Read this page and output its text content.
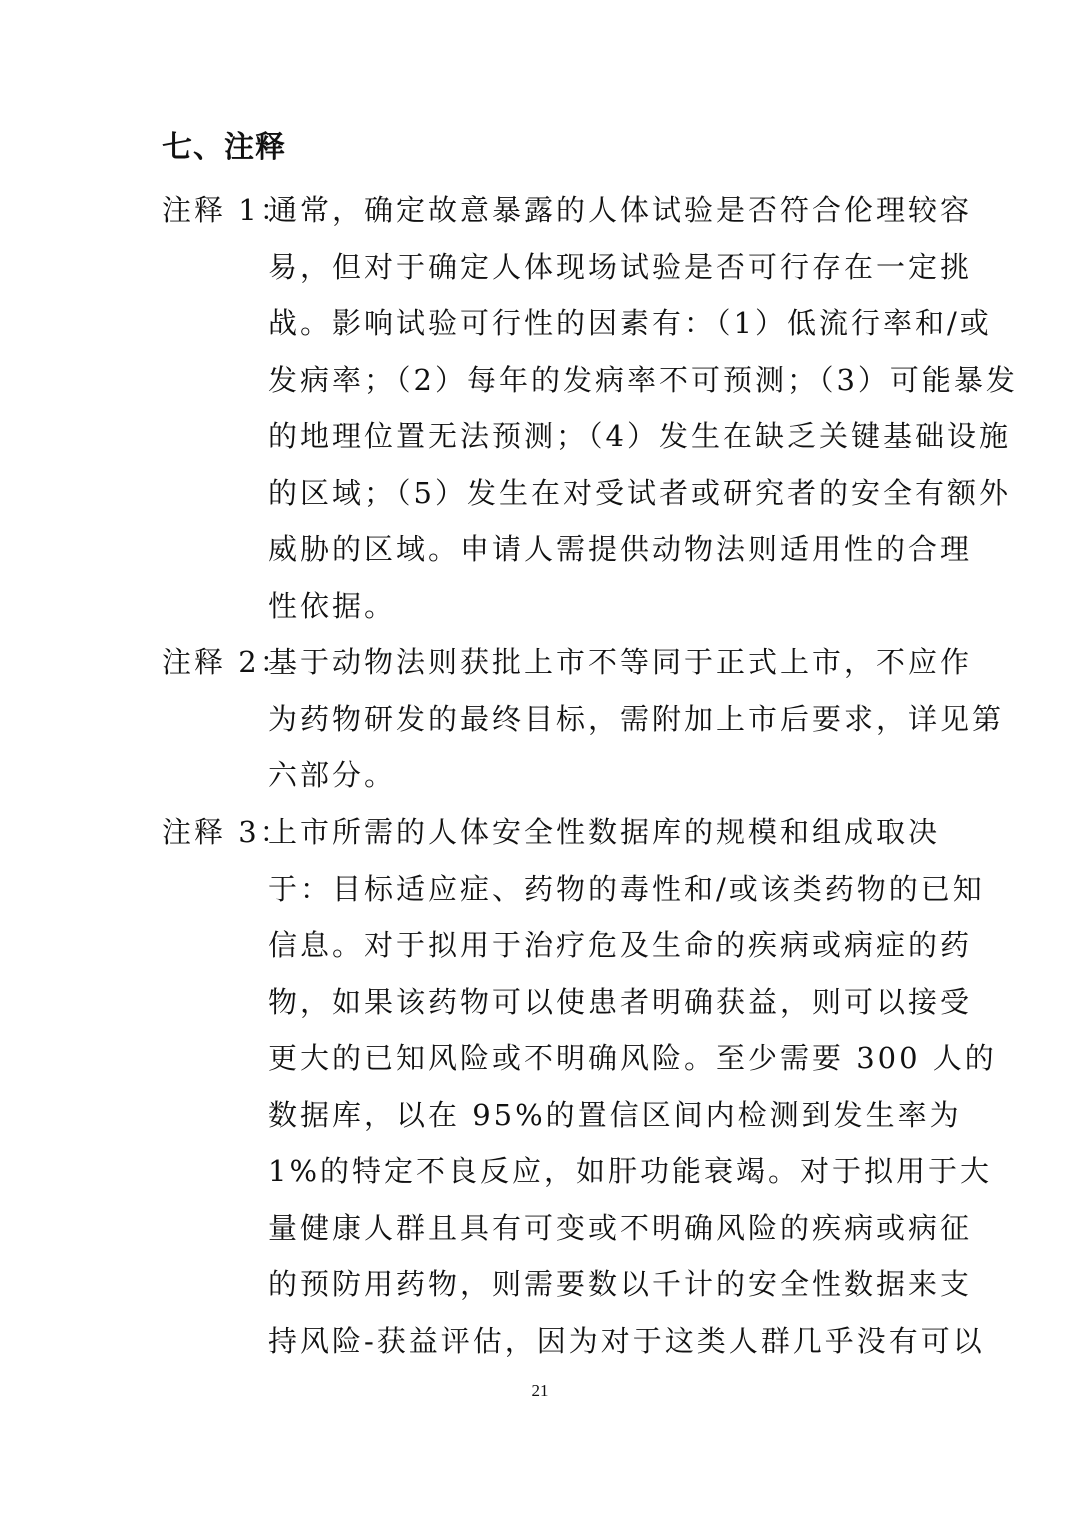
七、注释
注释 1：通常，确定故意暴露的人体试验是否符合伦理较容
易，但对于确定人体现场试验是否可行存在一定挑
战。影响试验可行性的因素有：（1）低流行率和/或
发病率；（2）每年的发病率不可预测；（3）可能暴发
的地理位置无法预测；（4）发生在缺乏关键基础设施
的区域；（5）发生在对受试者或研究者的安全有额外
威胁的区域。申请人需提供动物法则适用性的合理
性依据。
注释 2：基于动物法则获批上市不等同于正式上市，不应作
为药物研发的最终目标，需附加上市后要求，详见第
六部分。
注释 3：上市所需的人体安全性数据库的规模和组成取决
于：目标适应症、药物的毒性和/或该类药物的已知
信息。对于拟用于治疗危及生命的疾病或病症的药
物，如果该药物可以使患者明确获益，则可以接受
更大的已知风险或不明确风险。至少需要 300 人的
数据库，以在 95%的置信区间内检测到发生率为
1%的特定不良反应，如肝功能衰竭。对于拟用于大
量健康人群且具有可变或不明确风险的疾病或病征
的预防用药物，则需要数以千计的安全性数据来支
持风险-获益评估，因为对于这类人群几乎没有可以
21
